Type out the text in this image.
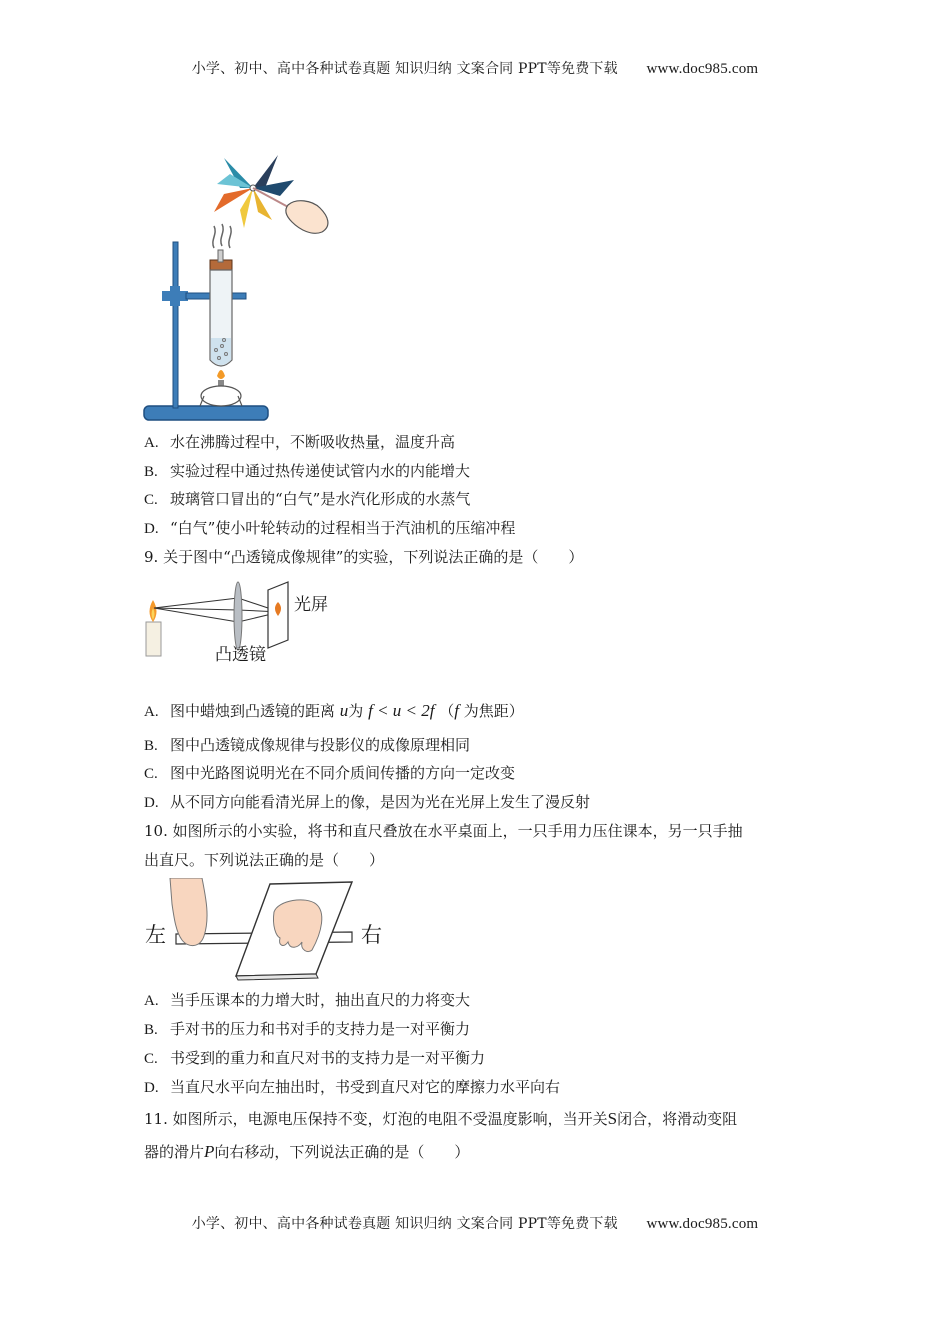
小学、初中、高中各种试卷真题 知识归纳 文案合同 PPT等免费下载 www.doc985.com
A. 水在沸腾过程中，不断吸收热量，温度升高
B. 实验过程中通过热传递使试管内水的内能增大
C. 玻璃管口冒出的“白气”是水汽化形成的水蒸气
D. “白气”使小叶轮转动的过程相当于汽油机的压缩冲程
9. 关于图中“凸透镜成像规律”的实验，下列说法正确的是（　　）
光屏
凸透镜
A. 图中蜡烛到凸透镜的距离 u为 f < u < 2f （f 为焦距）
B. 图中凸透镜成像规律与投影仪的成像原理相同
C. 图中光路图说明光在不同介质间传播的方向一定改变
D. 从不同方向能看清光屏上的像，是因为光在光屏上发生了漫反射
10. 如图所示的小实验，将书和直尺叠放在水平桌面上，一只手用力压住课本，另一只手抽
出直尺。下列说法正确的是（　　）
左	右
A. 当手压课本的力增大时，抽出直尺的力将变大
B. 手对书的压力和书对手的支持力是一对平衡力
C. 书受到的重力和直尺对书的支持力是一对平衡力
D. 当直尺水平向左抽出时，书受到直尺对它的摩擦力水平向右
11. 如图所示，电源电压保持不变，灯泡的电阻不受温度影响，当开关S闭合，将滑动变阻
器的滑片P向右移动，下列说法正确的是（　　）
小学、初中、高中各种试卷真题 知识归纳 文案合同 PPT等免费下载 www.doc985.com
